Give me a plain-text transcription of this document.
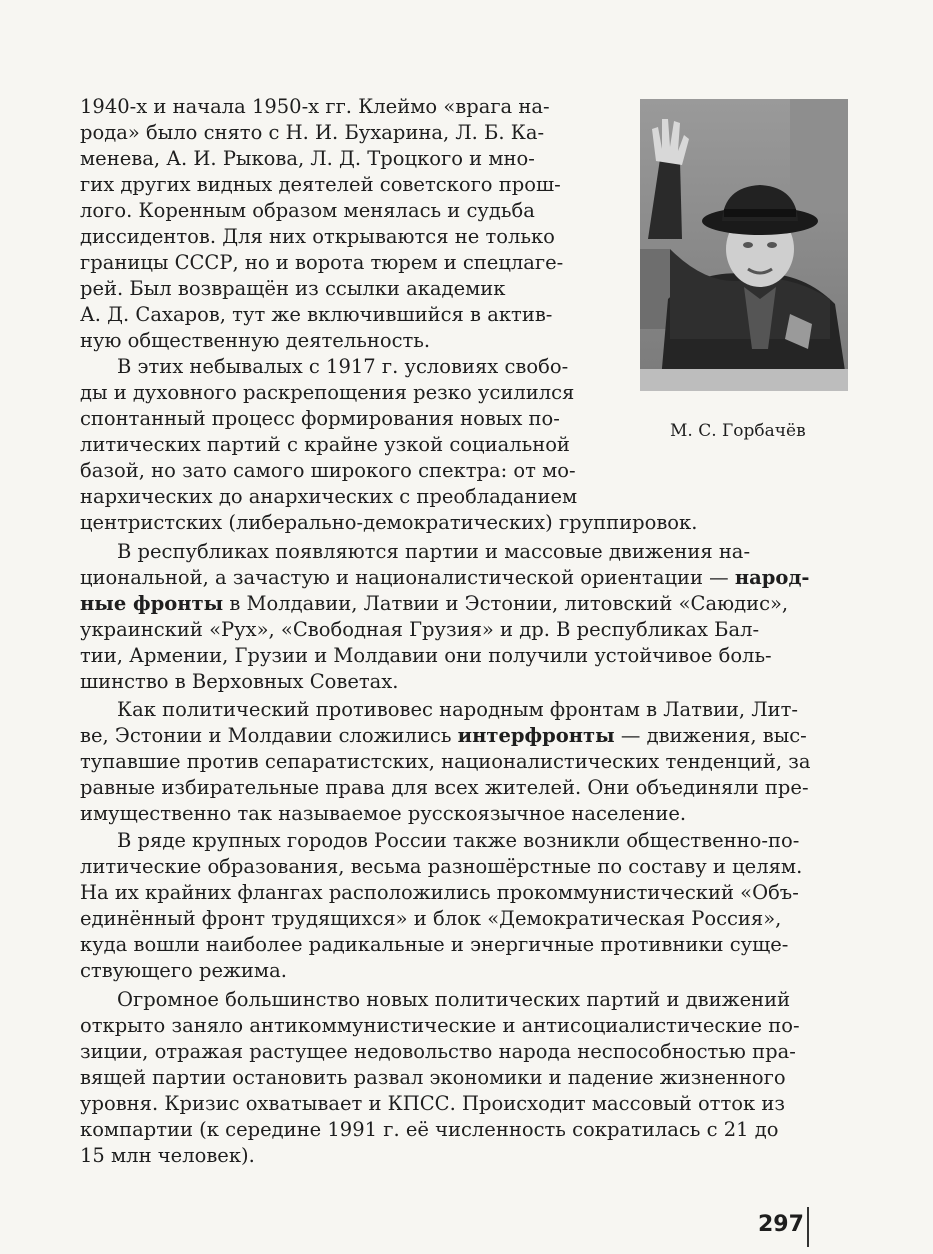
М. С. Горбачёв
1940-х и начала 1950-х гг. Клеймо «врага на-
рода» было снято с Н. И. Бухарина, Л. Б. Ка-
менева, А. И. Рыкова, Л. Д. Троцкого и мно-
гих других видных деятелей советского прош-
лого. Коренным образом менялась и судьба
диссидентов. Для них открываются не только
границы СССР, но и ворота тюрем и спецлаге-
рей. Был возвращён из ссылки академик
А. Д. Сахаров, тут же включившийся в актив-
ную общественную деятельность.
В этих небывалых с 1917 г. условиях свобо-
ды и духовного раскрепощения резко усилился
спонтанный процесс формирования новых по-
литических партий с крайне узкой социальной
базой, но зато самого широкого спектра: от мо-
нархических до анархических с преобладанием
центристских (либерально-демократических) группировок.
В республиках появляются партии и массовые движения на-
циональной, а зачастую и националистической ориентации — народ-
ные фронты в Молдавии, Латвии и Эстонии, литовский «Саюдис»,
украинский «Рух», «Свободная Грузия» и др. В республиках Бал-
тии, Армении, Грузии и Молдавии они получили устойчивое боль-
шинство в Верховных Советах.
Как политический противовес народным фронтам в Латвии, Лит-
ве, Эстонии и Молдавии сложились интерфронты — движения, выс-
тупавшие против сепаратистских, националистических тенденций, за
равные избирательные права для всех жителей. Они объединяли пре-
имущественно так называемое русскоязычное население.
В ряде крупных городов России также возникли общественно-по-
литические образования, весьма разношёрстные по составу и целям.
На их крайних флангах расположились прокоммунистический «Объ-
единённый фронт трудящихся» и блок «Демократическая Россия»,
куда вошли наиболее радикальные и энергичные противники суще-
ствующего режима.
Огромное большинство новых политических партий и движений
открыто заняло антикоммунистические и антисоциалистические по-
зиции, отражая растущее недовольство народа неспособностью пра-
вящей партии остановить развал экономики и падение жизненного
уровня. Кризис охватывает и КПСС. Происходит массовый отток из
компартии (к середине 1991 г. её численность сократилась с 21 до
15 млн человек).
297
